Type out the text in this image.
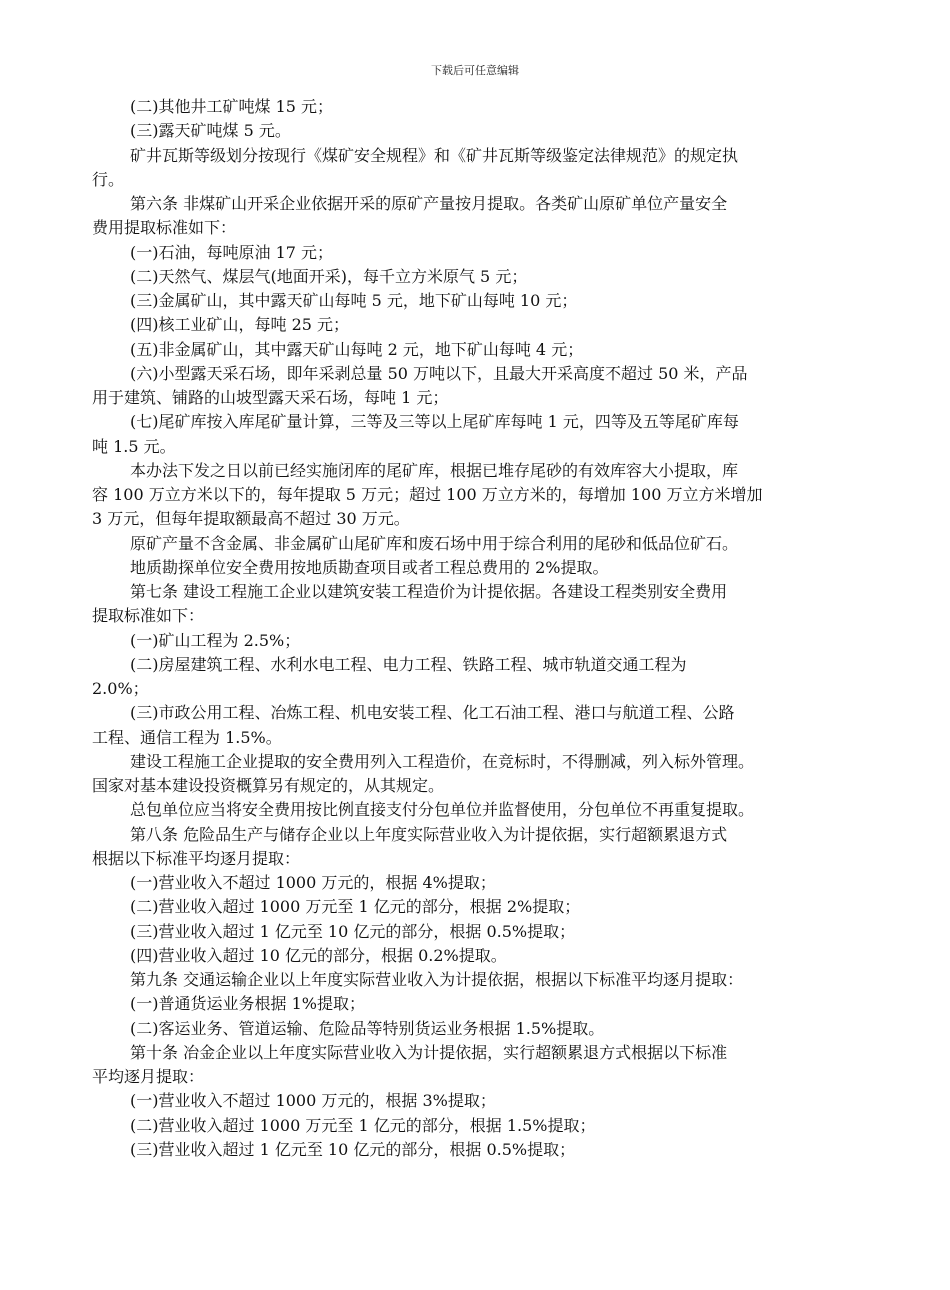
下载后可任意编辑
(二)其他井工矿吨煤 15 元；
(三)露天矿吨煤 5 元。
矿井瓦斯等级划分按现行《煤矿安全规程》和《矿井瓦斯等级鉴定法律规范》的规定执
行。
第六条 非煤矿山开采企业依据开采的原矿产量按月提取。各类矿山原矿单位产量安全
费用提取标准如下：
(一)石油，每吨原油 17 元；
(二)天然气、煤层气(地面开采)，每千立方米原气 5 元；
(三)金属矿山，其中露天矿山每吨 5 元，地下矿山每吨 10 元；
(四)核工业矿山，每吨 25 元；
(五)非金属矿山，其中露天矿山每吨 2 元，地下矿山每吨 4 元；
(六)小型露天采石场，即年采剥总量 50 万吨以下，且最大开采高度不超过 50 米，产品
用于建筑、铺路的山坡型露天采石场，每吨 1 元；
(七)尾矿库按入库尾矿量计算，三等及三等以上尾矿库每吨 1 元，四等及五等尾矿库每
吨 1.5 元。
本办法下发之日以前已经实施闭库的尾矿库，根据已堆存尾砂的有效库容大小提取，库
容 100 万立方米以下的，每年提取 5 万元；超过 100 万立方米的，每增加 100 万立方米增加
3 万元，但每年提取额最高不超过 30 万元。
原矿产量不含金属、非金属矿山尾矿库和废石场中用于综合利用的尾砂和低品位矿石。
地质勘探单位安全费用按地质勘查项目或者工程总费用的 2%提取。
第七条 建设工程施工企业以建筑安装工程造价为计提依据。各建设工程类别安全费用
提取标准如下：
(一)矿山工程为 2.5%；
(二)房屋建筑工程、水利水电工程、电力工程、铁路工程、城市轨道交通工程为
2.0%；
(三)市政公用工程、冶炼工程、机电安装工程、化工石油工程、港口与航道工程、公路
工程、通信工程为 1.5%。
建设工程施工企业提取的安全费用列入工程造价，在竞标时，不得删减，列入标外管理。
国家对基本建设投资概算另有规定的，从其规定。
总包单位应当将安全费用按比例直接支付分包单位并监督使用，分包单位不再重复提取。
第八条 危险品生产与储存企业以上年度实际营业收入为计提依据，实行超额累退方式
根据以下标准平均逐月提取：
(一)营业收入不超过 1000 万元的，根据 4%提取；
(二)营业收入超过 1000 万元至 1 亿元的部分，根据 2%提取；
(三)营业收入超过 1 亿元至 10 亿元的部分，根据 0.5%提取；
(四)营业收入超过 10 亿元的部分，根据 0.2%提取。
第九条 交通运输企业以上年度实际营业收入为计提依据，根据以下标准平均逐月提取：
(一)普通货运业务根据 1%提取；
(二)客运业务、管道运输、危险品等特别货运业务根据 1.5%提取。
第十条 冶金企业以上年度实际营业收入为计提依据，实行超额累退方式根据以下标准
平均逐月提取：
(一)营业收入不超过 1000 万元的，根据 3%提取；
(二)营业收入超过 1000 万元至 1 亿元的部分，根据 1.5%提取；
(三)营业收入超过 1 亿元至 10 亿元的部分，根据 0.5%提取；
